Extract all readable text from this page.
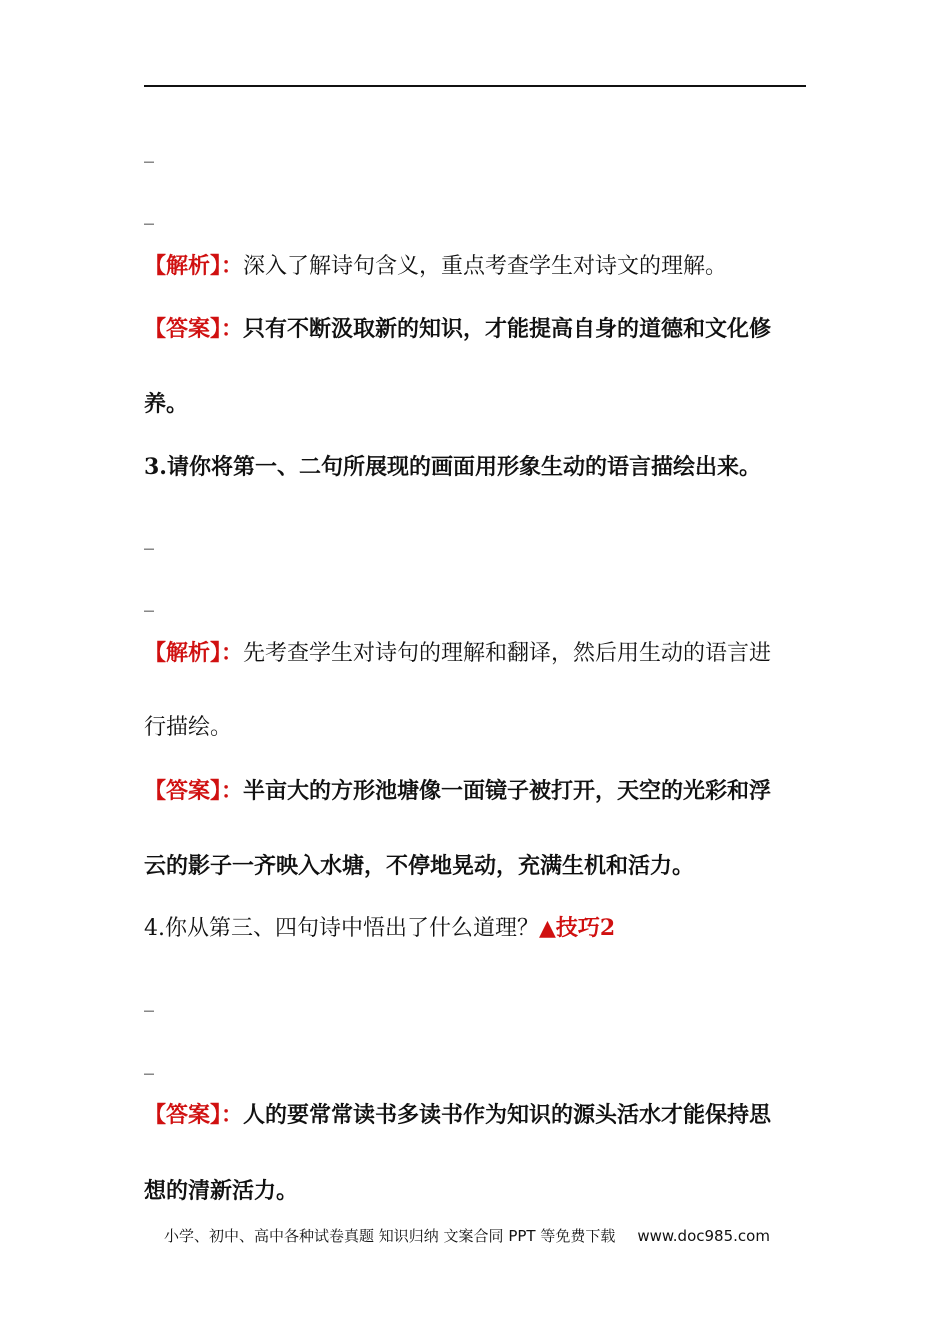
_
_
【解析】：深入了解诗句含义，重点考查学生对诗文的理解。
【答案】：只有不断汲取新的知识，才能提高自身的道德和文化修
养。
3.请你将第一、二句所展现的画面用形象生动的语言描绘出来。
_
_
【解析】：先考查学生对诗句的理解和翻译，然后用生动的语言进
行描绘。
【答案】：半亩大的方形池塘像一面镜子被打开，天空的光彩和浮
云的影子一齐映入水塘，不停地晃动，充满生机和活力。
4.你从第三、四句诗中悟出了什么道理？▲技巧2
_
_
【答案】：人的要常常读书多读书作为知识的源头活水才能保持思
想的清新活力。
小学、初中、高中各种试卷真题 知识归纳 文案合同 PPT 等免费下载 www.doc985.com
